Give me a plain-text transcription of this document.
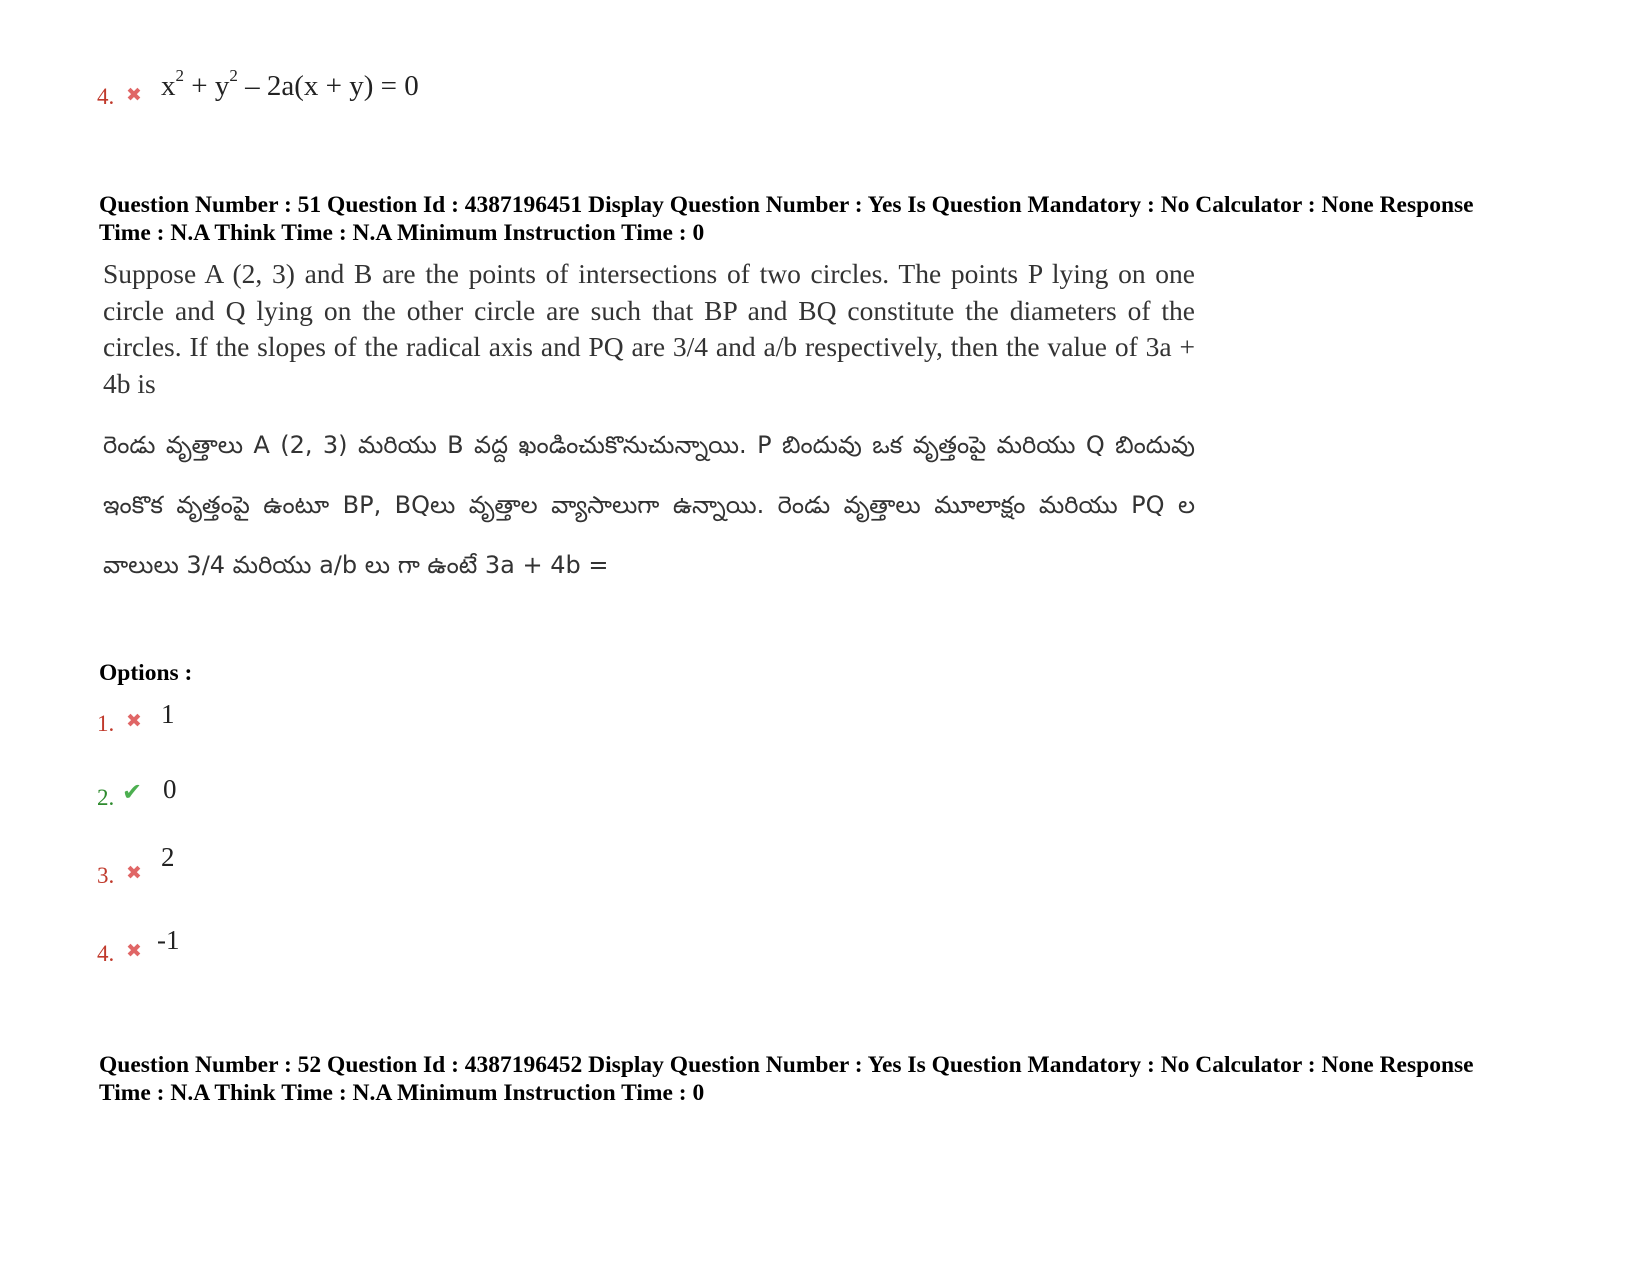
4. ✖ $x^2 + y^2 - 2a(x + y) = 0$

Question Number : 51 Question Id : 4387196451 Display Question Number : Yes Is Question Mandatory : No Calculator : None Response
Time : N.A Think Time : N.A Minimum Instruction Time : 0

Suppose A (2, 3) and B are the points of intersections of two circles. The points P lying on one circle and Q lying on the other circle are such that BP and BQ constitute the diameters of the circles. If the slopes of the radical axis and PQ are 3/4 and a/b respectively, then the value of 3a + 4b is

రెండు వృత్తాలు A (2, 3) మరియు B వద్ద ఖండించుకొనుచున్నాయి. P బిందువు ఒక వృత్తంపై మరియు Q బిందువు ఇంకొక వృత్తంపై ఉంటూ BP, BQలు వృత్తాల వ్యాసాలుగా ఉన్నాయి. రెండు వృత్తాలు మూలాక్షం మరియు PQ ల వాలులు 3/4 మరియు a/b లు గా ఉంటే 3a + 4b =

Options :

1. ✖ 1
2. ✔ 0
3. ✖
2
4. ✖ -1

Question Number : 52 Question Id : 4387196452 Display Question Number : Yes Is Question Mandatory : No Calculator : None Response
Time : N.A Think Time : N.A Minimum Instruction Time : 0
